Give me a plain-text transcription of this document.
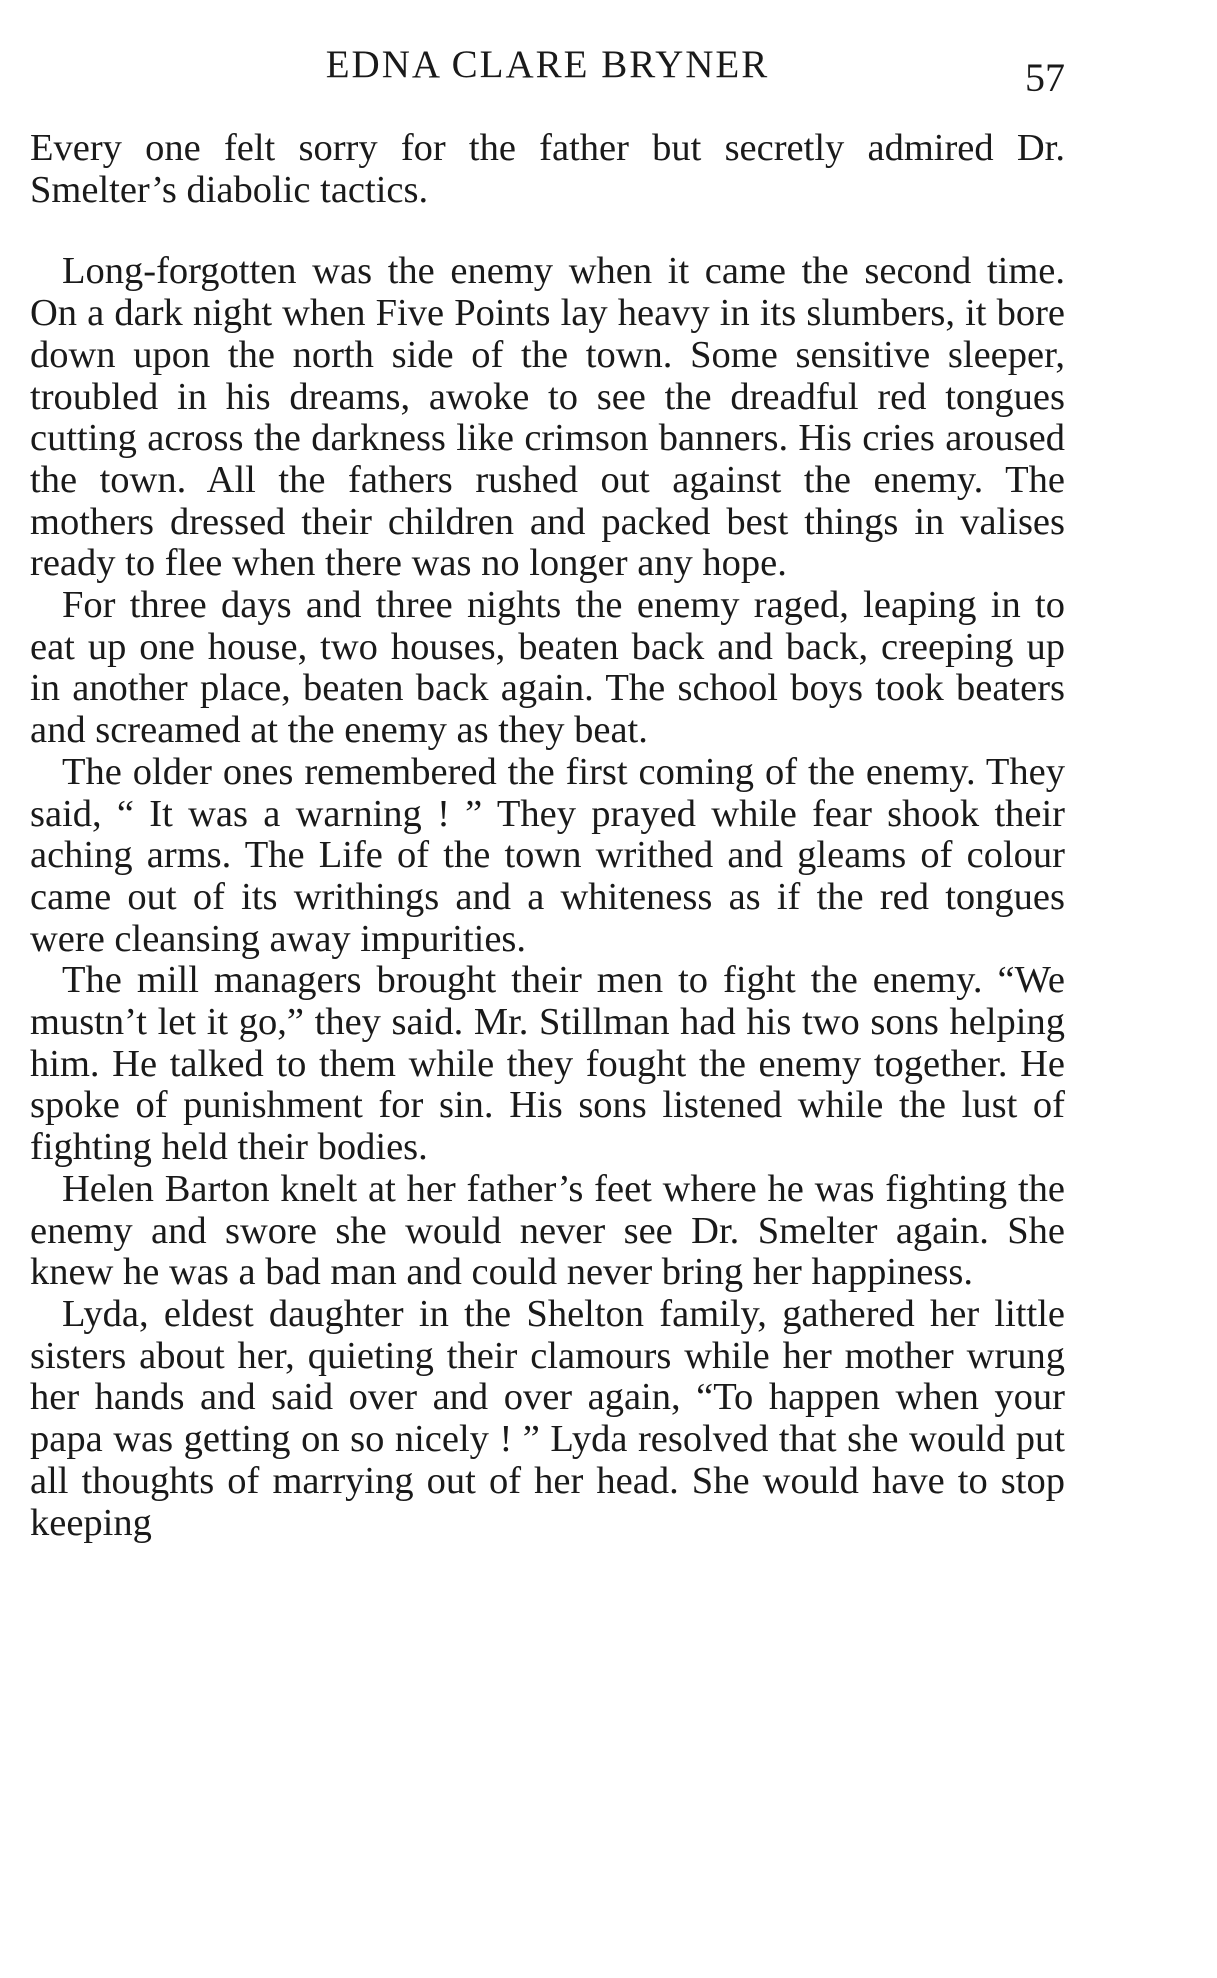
EDNA CLARE BRYNER	57

Every one felt sorry for the father but secretly admired Dr. Smelter’s diabolic tactics.

Long-forgotten was the enemy when it came the second time. On a dark night when Five Points lay heavy in its slumbers, it bore down upon the north side of the town. Some sensitive sleeper, troubled in his dreams, awoke to see the dreadful red tongues cutting across the darkness like crimson banners. His cries aroused the town. All the fathers rushed out against the enemy. The mothers dressed their children and packed best things in valises ready to flee when there was no longer any hope.

For three days and three nights the enemy raged, leaping in to eat up one house, two houses, beaten back and back, creeping up in another place, beaten back again. The school boys took beaters and screamed at the enemy as they beat.

The older ones remembered the first coming of the enemy. They said, “ It was a warning ! ” They prayed while fear shook their aching arms. The Life of the town writhed and gleams of colour came out of its writhings and a whiteness as if the red tongues were cleansing away impurities.

The mill managers brought their men to fight the enemy. “We mustn’t let it go,” they said. Mr. Stillman had his two sons helping him. He talked to them while they fought the enemy together. He spoke of punishment for sin. His sons listened while the lust of fighting held their bodies.

Helen Barton knelt at her father’s feet where he was fighting the enemy and swore she would never see Dr. Smelter again. She knew he was a bad man and could never bring her happiness.

Lyda, eldest daughter in the Shelton family, gathered her little sisters about her, quieting their clamours while her mother wrung her hands and said over and over again, “To happen when your papa was getting on so nicely ! ” Lyda resolved that she would put all thoughts of marrying out of her head. She would have to stop keeping
